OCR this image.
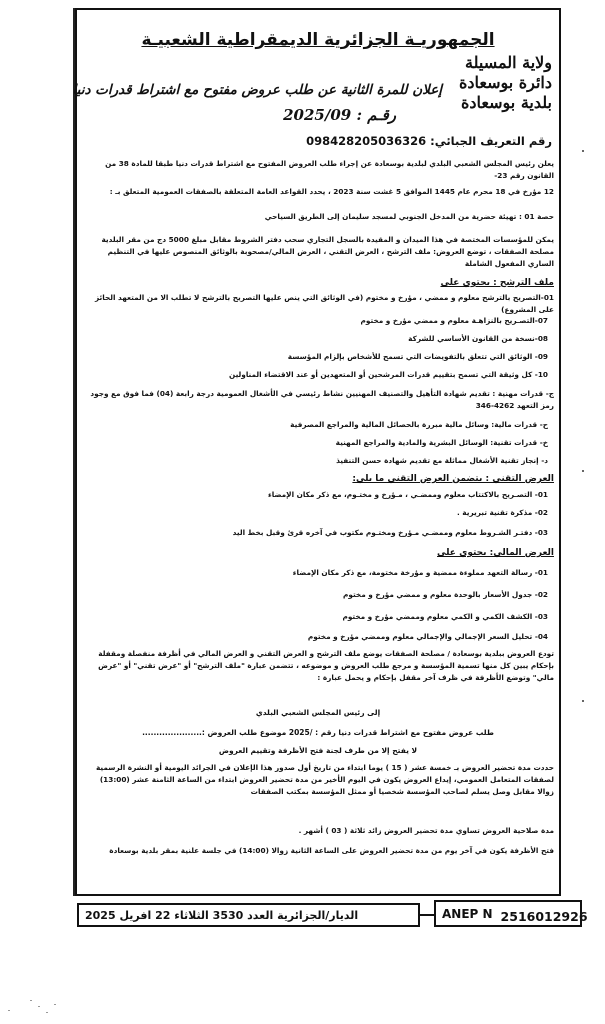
الجمهوريـة الجزائرية الديمقراطية الشعبيـة
ولاية المسيلة
دائرة بوسعادة
بلدية بوسعادة
إعلان للمرة الثانية عن طلب عروض مفتوح مع اشتراط قدرات دنيا
رقـم : 2025/09
رقم التعريف الجبائي: 098428205036326
يعلن رئيس المجلس الشعبي البلدي لبلدية بوسعادة عن إجراء طلب العروض المفتوح مع اشتراط قدرات دنيا طبقا للمادة 38 من القانون رقم 23-
12 مؤرخ في 18 محرم عام 1445 الموافق 5 غشت سنة 2023 ، يحدد القواعد العامة المتعلقة بالصفقات العمومية المتعلق بـ :
حصة 01 : تهيئة حضرية من المدخل الجنوبي لمسجد سليمان إلى الطريق السياحي
يمكن للمؤسسات المختصة في هذا الميدان و المقيدة بالسجل التجاري سحب دفتر الشروط مقابل مبلغ 5000 دج من مقر البلدية مصلحة الصفقات ، توضع العروض: ملف الترشح ، العرض التقني ، العرض المالي/مصحوبة بالوثائق المنصوص عليها في التنظيم الساري المفعول الشاملة
ملف الترشح : يحتوي على
01-التصريح بالترشح معلوم و ممضي ، مؤرخ و مختوم (في الوثائق التي ينص عليها التصريح بالترشح لا تطلب الا من المتعهد الحائز على المشروع)
07-التصـريح بالنزاهـة معلوم و ممضي مؤرخ و مختوم
08-نسخة من القانون الأساسي للشركة
09- الوثائق التي تتعلق بالتفويضات التي تسمح للأشخاص بإلزام المؤسسة
10- كل وثيقة التي تسمح بتقييم قدرات المرشحين أو المتعهدين أو عند الاقتضاء المناولين
ج- قدرات مهنية : تقديم شهادة التأهيل والتصنيف المهنيين نشاط رئيسي في الأشغال العمومية درجة رابعة (04) فما فوق مع وجود رمز التعهد 4262-346
ح- قدرات مالية: وسائل مالية مبررة بالحصائل المالية والمراجع المصرفية
خ- قدرات تقنية: الوسائل البشرية والمادية والمراجع المهنية
د- إنجاز تقنية الأشغال مماثلة مع تقديم شهادة حسن التنفيذ
العرض التقني : يتضمن العرض التقني ما يلي:
01- التصـريح بالاكتتاب معلوم وممضـي ، مـؤرخ و مختـوم، مع ذكر مكان الإمضاء
02- مذكرة تقنية تبريرية .
03- دفتـر الشـروط معلوم وممضـي مـؤرخ ومختـوم مكتوب في آخره قرئ وقبل بخط اليد
العرض المالي: يحتوي على
01- رسالة التعهد مملوءة ممضية و مؤرخة مختومة، مع ذكر مكان الإمضاء
02- جدول الأسعار بالوحدة معلوم و ممضي مؤرخ و مختوم
03- الكشف الكمي و الكمي معلوم وممضي مؤرخ و مختوم
04- تحليل السعر الإجمالي والإجمالي معلوم وممضي مؤرخ و مختوم
تودع العروض ببلدية بوسعادة / مصلحة الصفقات يوضع ملف الترشح و العرض التقني و العرض المالي في أظرفة منفصلة ومقفلة بإحكام يبين كل منها تسمية المؤسسة و مرجع طلب العروض و موضوعه ، تتضمن عبارة "ملف الترشح" أو "عرض تقني" أو "عرض مالي" وتوضع الأظرفة في ظرف آخر مقفل بإحكام و يحمل عبارة :
إلى رئيس المجلس الشعبي البلدي
طلب عروض مفتوح مع اشتراط قدرات دنيا رقم : /2025 موضوع طلب العروض :.....................
لا يفتح إلا من طرف لجنة فتح الأظرفة وتقييم العروض
حددت مدة تحضير العروض بـ خمسة عشر ( 15 ) يوما ابتداء من تاريخ أول صدور هذا الإعلان في الجرائد اليومية أو النشرة الرسمية لصفقات المتعامل العمومي، إيداع العروض يكون في اليوم الأخير من مدة تحضير العروض ابتداء من الساعة الثامنة عشر (13:00) زوالا مقابل وصل يسلم لصاحب المؤسسة شخصيا أو ممثل المؤسسة بمكتب الصفقات
مدة صلاحية العروض تساوي مدة تحضير العروض زائد ثلاثة ( 03 ) أشهر .
فتح الأظرفة يكون في آخر يوم من مدة تحضير العروض على الساعة الثانية زوالا (14:00) في جلسة علنية بمقر بلدية بوسعادة
الديار/الجزائرية العدد 3530 الثلاثاء 22 افريل 2025	ANEP N 2516012926
